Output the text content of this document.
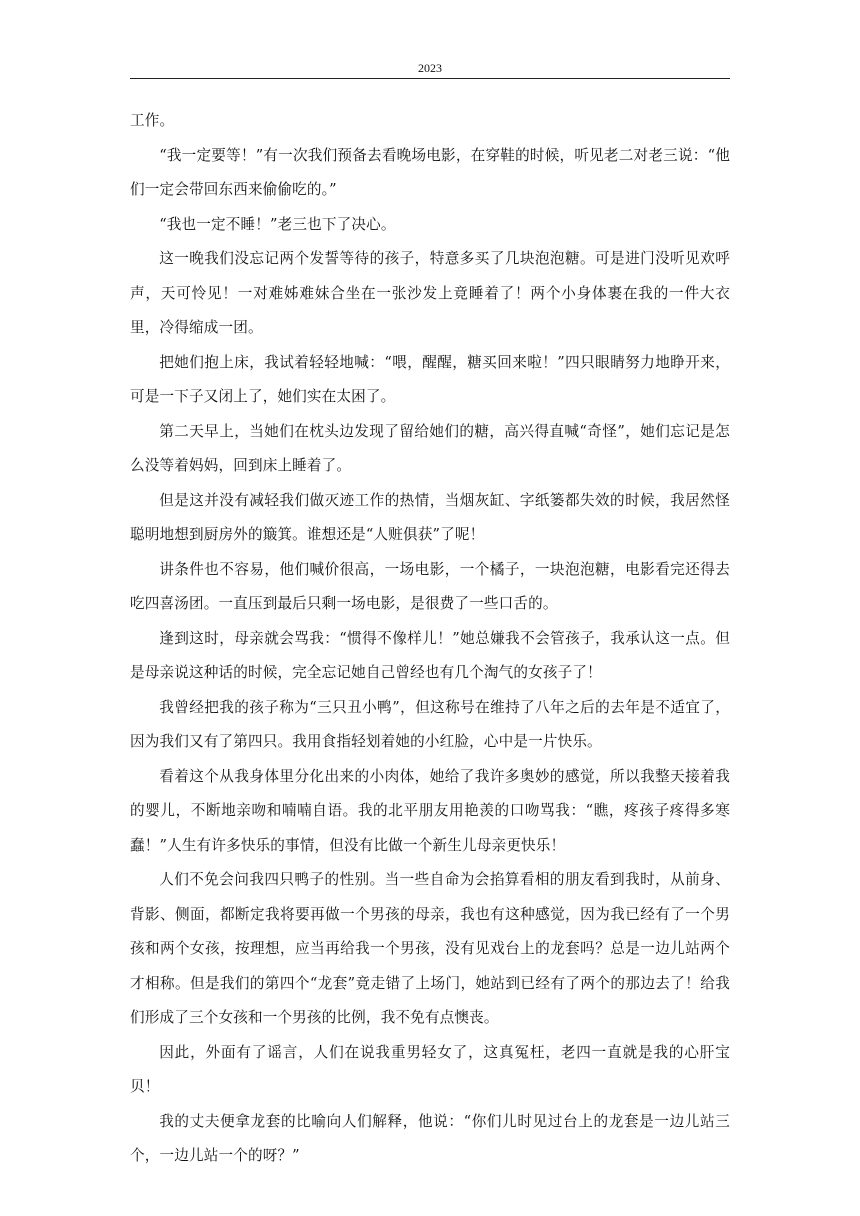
2023

工作。

“我一定要等！”有一次我们预备去看晚场电影，在穿鞋的时候，听见老二对老三说：“他们一定会带回东西来偷偷吃的。”

“我也一定不睡！”老三也下了决心。

这一晚我们没忘记两个发誓等待的孩子，特意多买了几块泡泡糖。可是进门没听见欢呼声，天可怜见！一对难姊难妹合坐在一张沙发上竟睡着了！两个小身体裹在我的一件大衣里，冷得缩成一团。

把她们抱上床，我试着轻轻地喊：“喂，醒醒，糖买回来啦！”四只眼睛努力地睁开来，可是一下子又闭上了，她们实在太困了。

第二天早上，当她们在枕头边发现了留给她们的糖，高兴得直喊“奇怪”，她们忘记是怎么没等着妈妈，回到床上睡着了。

但是这并没有减轻我们做灭迹工作的热情，当烟灰缸、字纸篓都失效的时候，我居然怪聪明地想到厨房外的簸箕。谁想还是“人赃俱获”了呢！

讲条件也不容易，他们喊价很高，一场电影，一个橘子，一块泡泡糖，电影看完还得去吃四喜汤团。一直压到最后只剩一场电影，是很费了一些口舌的。

逢到这时，母亲就会骂我：“惯得不像样儿！”她总嫌我不会管孩子，我承认这一点。但是母亲说这种话的时候，完全忘记她自己曾经也有几个淘气的女孩子了！

我曾经把我的孩子称为“三只丑小鸭”，但这称号在维持了八年之后的去年是不适宜了，因为我们又有了第四只。我用食指轻划着她的小红脸，心中是一片快乐。

看着这个从我身体里分化出来的小肉体，她给了我许多奥妙的感觉，所以我整天接着我的婴儿，不断地亲吻和喃喃自语。我的北平朋友用艳羡的口吻骂我：“瞧，疼孩子疼得多寒蠢！”人生有许多快乐的事情，但没有比做一个新生儿母亲更快乐！

人们不免会问我四只鸭子的性别。当一些自命为会掐算看相的朋友看到我时，从前身、背影、侧面，都断定我将要再做一个男孩的母亲，我也有这种感觉，因为我已经有了一个男孩和两个女孩，按理想，应当再给我一个男孩，没有见戏台上的龙套吗？总是一边儿站两个才相称。但是我们的第四个“龙套”竟走错了上场门，她站到已经有了两个的那边去了！给我们形成了三个女孩和一个男孩的比例，我不免有点懊丧。

因此，外面有了谣言，人们在说我重男轻女了，这真冤枉，老四一直就是我的心肝宝贝！

我的丈夫便拿龙套的比喻向人们解释，他说：“你们儿时见过台上的龙套是一边儿站三个，一边儿站一个的呀？”
